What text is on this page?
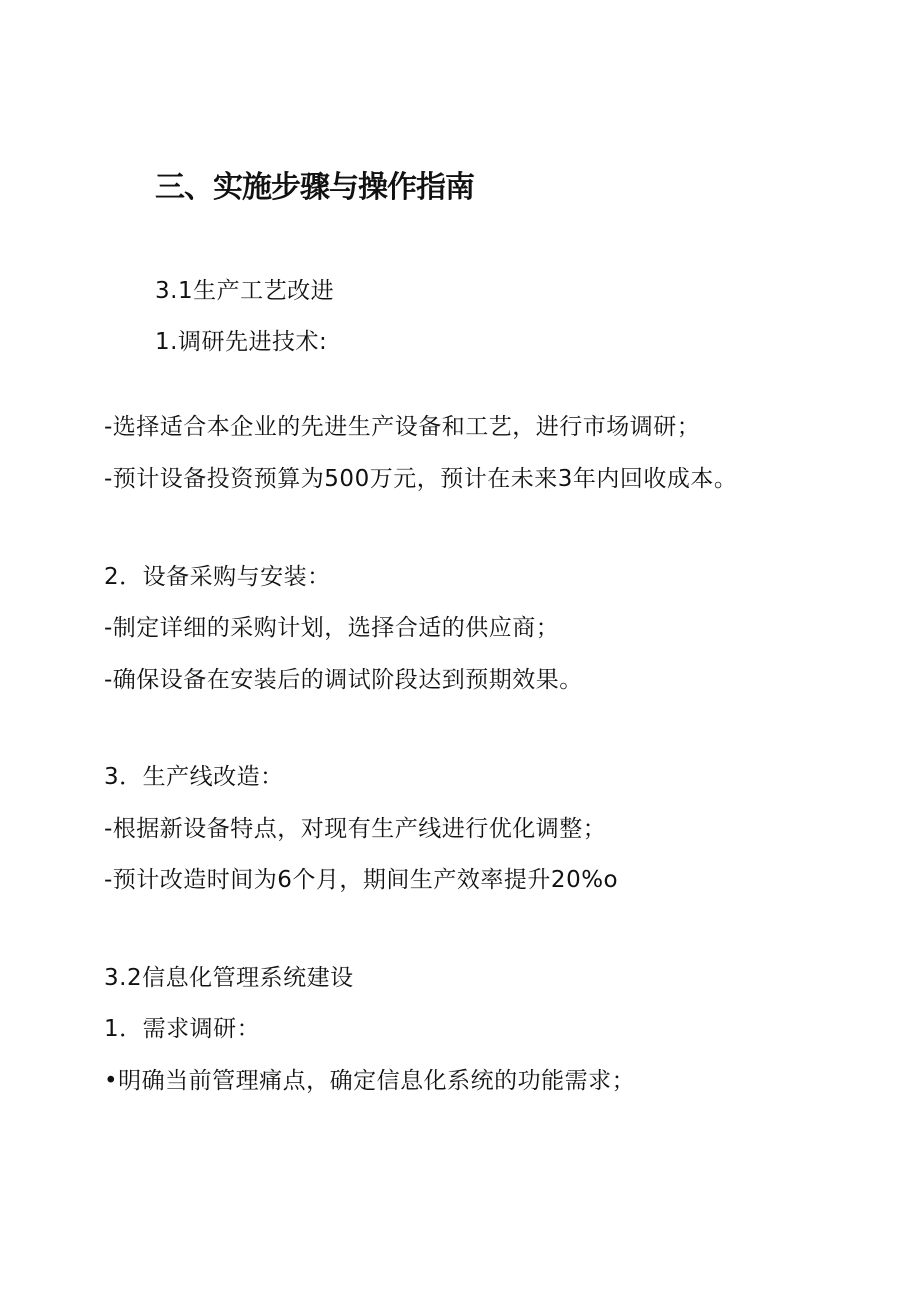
三、实施步骤与操作指南
3.1生产工艺改进
1.调研先进技术:
-选择适合本企业的先进生产设备和工艺，进行市场调研；
-预计设备投资预算为500万元，预计在未来3年内回收成本。
2．设备采购与安装：
-制定详细的采购计划，选择合适的供应商；
-确保设备在安装后的调试阶段达到预期效果。
3．生产线改造：
-根据新设备特点，对现有生产线进行优化调整；
-预计改造时间为6个月，期间生产效率提升20%o
3.2信息化管理系统建设
1．需求调研：
•明确当前管理痛点，确定信息化系统的功能需求；
